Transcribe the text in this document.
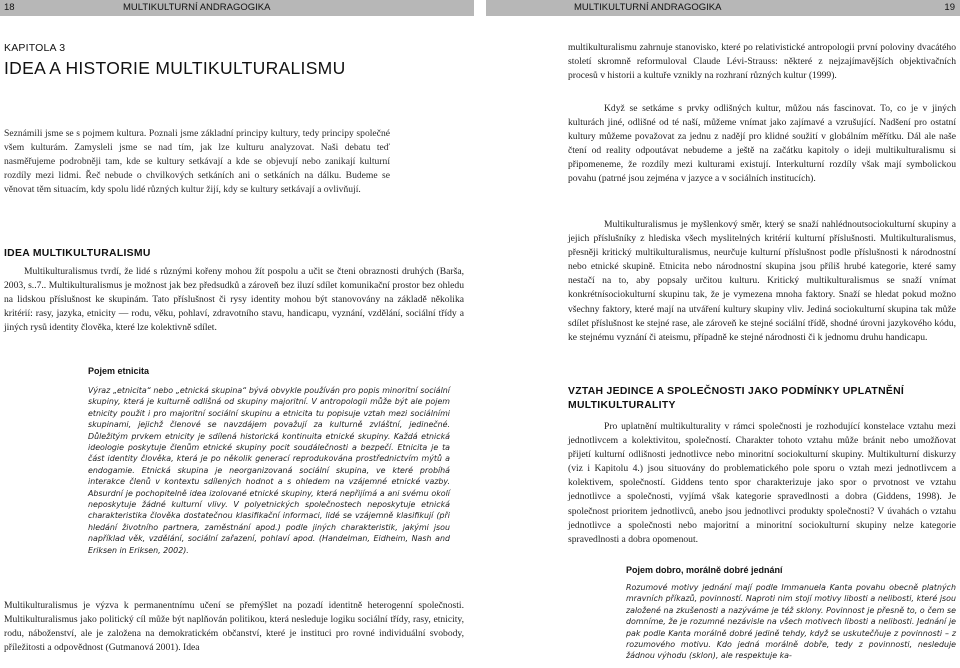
18	MULTIKULTURNÍ ANDRAGOGIKA	MULTIKULTURNÍ ANDRAGOGIKA	19
KAPITOLA 3
IDEA A HISTORIE MULTIKULTURALISMU
Seznámili jsme se s pojmem kultura. Poznali jsme základní principy kultury, tedy principy společné všem kulturám. Zamysleli jsme se nad tím, jak lze kulturu analyzovat. Naši debatu teď nasměřujeme podrobněji tam, kde se kultury setkávají a kde se objevují nebo zanikají kulturní rozdíly mezi lidmi. Řeč nebude o chvilkových setkáních ani o setkáních na dálku. Budeme se věnovat těm situacím, kdy spolu lidé různých kultur žijí, kdy se kultury setkávají a ovlivňují.
IDEA MULTIKULTURALISMU
Multikulturalismus tvrdí, že lidé s různými kořeny mohou žít pospolu a učit se čteni obraznosti druhých (Barša, 2003, s..7.. Multikulturalismus je možnost jak bez předsudků a zároveň bez iluzí sdílet komunikační prostor bez ohledu na lidskou příslušnost ke skupinám. Tato příslušnost či rysy identity mohou být stanovovány na základě několika kritérií: rasy, jazyka, etnicity — rodu, věku, pohlaví, zdravotního stavu, handicapu, vyznání, vzdělání, sociální třídy a jiných rysů identity člověka, které lze kolektivně sdílet.
Pojem etnicita
Výraz „etnicita“ nebo „etnická skupina“ bývá obvykle používán pro popis minoritní sociální skupiny, která je kulturně odlišná od skupiny majoritní. V antropologii může být ale pojem etnicity použit i pro majoritní sociální skupinu a etnicita tu popisuje vztah mezi sociálními skupinami, jejichž členové se navzdájem považují za kulturně zvláštní, jedinečné. Důležitým prvkem etnicity je sdílená historická kontinuita etnické skupiny. Každá etnická ideologie poskytuje členům etnické skupiny pocit soudálečnosti a bezpečí. Etnicita je ta část identity člověka, která je po několik generací reprodukována prostřednictvím mýtů a endogamie. Etnická skupina je neorganizovaná sociální skupina, ve které probíhá interakce členů v kontextu sdílených hodnot a s ohledem na vzájemné etnické vazby. Absurdní je pochopitelně idea izolované etnické skupiny, která nepřijímá a ani svému okolí neposkytuje žádné kulturní vlivy. V polyetnických společnostech neposkytuje etnická charakteristika člověka dostatečnou klasifikační informaci, lidé se vzájemně klasifikují (při hledání životního partnera, zaměstnání apod.) podle jiných charakteristik, jakými jsou například věk, vzdělání, sociální zařazení, pohlaví apod. (Handelman, Eidheim, Nash and Eriksen in Eriksen, 2002).
Multikulturalismus je výzva k permanentnímu učení se přemýšlet na pozadí identitně heterogenní společnosti. Multikulturalismus jako politický cíl může být naplňován politikou, která nesleduje logiku sociální třídy, rasy, etnicity, rodu, náboženství, ale je založena na demokratickém občanství, které je instituci pro rovné individuální svobody, příležitosti a odpovědnost (Gutmanová 2001). Idea
multikulturalismu zahrnuje stanovisko, které po relativistické antropologii první poloviny dvacátého století skromně reformuloval Claude Lévi-Strauss: některé z nejzajímavějších objektivačních procesů v historii a kultuře vznikly na rozhraní různých kultur (1999).
Když se setkáme s prvky odlišných kultur, můžou nás fascinovat. To, co je v jiných kulturách jiné, odlišné od té naší, můžeme vnímat jako zajímavé a vzrušující. Nadšení pro ostatní kultury můžeme považovat za jednu z nadějí pro klidné soužití v globálním měřítku. Dál ale naše čtení od reality odpoutávat nebudeme a ještě na začátku kapitoly o ideji multikulturalismu si připomeneme, že rozdíly mezi kulturami existují. Interkulturní rozdíly však mají symbolickou povahu (patrné jsou zejména v jazyce a v sociálních institucích).
Multikulturalismus je myšlenkový směr, který se snaží nahlédnoutsociokulturní skupiny a jejich příslušníky z hlediska všech myslitelných kritérií kulturní příslušnosti. Multikulturalismus, přesněji kritický multikulturalismus, neurčuje kulturní příslušnost podle příslušnosti k národnostní nebo etnické skupině. Etnicita nebo národnostní skupina jsou příliš hrubé kategorie, které samy nestačí na to, aby popsaly určitou kulturu. Kritický multikulturalismus se snaží vnímat konkrétnísociokulturní skupinu tak, že je vymezena mnoha faktory. Snaží se hledat pokud možno všechny faktory, které mají na utváření kultury skupiny vliv. Jediná sociokulturní skupina tak může sdílet příslušnost ke stejné rase, ale zároveň ke stejné sociální třídě, shodné úrovni jazykového kódu, ke stejnému vyznání či ateismu, případně ke stejné národnosti či k jednomu druhu handicapu.
VZTAH JEDINCE A SPOLEČNOSTI JAKO PODMÍNKY UPLATNĚNÍ MULTIKULTURALITY
Pro uplatnění multikulturality v rámci společnosti je rozhodující konstelace vztahu mezi jednotlivcem a kolektivitou, společností. Charakter tohoto vztahu může bránit nebo umožňovat přijetí kulturní odlišnosti jednotlivce nebo minoritní sociokulturní skupiny. Multikulturní diskurzy (viz i Kapitolu 4.) jsou situovány do problematického pole sporu o vztah mezi jednotlivcem a kolektivem, společností. Giddens tento spor charakterizuje jako spor o prvotnost ve vztahu jednotlivce a společnosti, vyjímá však kategorie spravedlnosti a dobra (Giddens, 1998). Je společnost prioritem jednotlivců, anebo jsou jednotlivci produkty společnosti? V úvahách o vztahu jednotlivce a společnosti nebo majoritní a minoritní sociokulturní skupiny nelze kategorie spravedlnosti a dobra opomenout.
Pojem dobro, morálně dobré jednání
Rozumové motivy jednání mají podle Immanuela Kanta povahu obecně platných mravních příkazů, povinností. Naproti nim stojí motivy libosti a nelibosti, které jsou založené na zkušenosti a nazýváme je též sklony. Povinnost je přesně to, o čem se domníme, že je rozumné nezávisle na všech motivech libosti a nelibosti. Jednání je pak podle Kanta morálně dobré jedině tehdy, když se uskutečňuje z povinnosti – z rozumového motivu. Kdo jedná morálně dobře, tedy z povinnosti, nesleduje žádnou výhodu (sklon), ale respektuje ka-
